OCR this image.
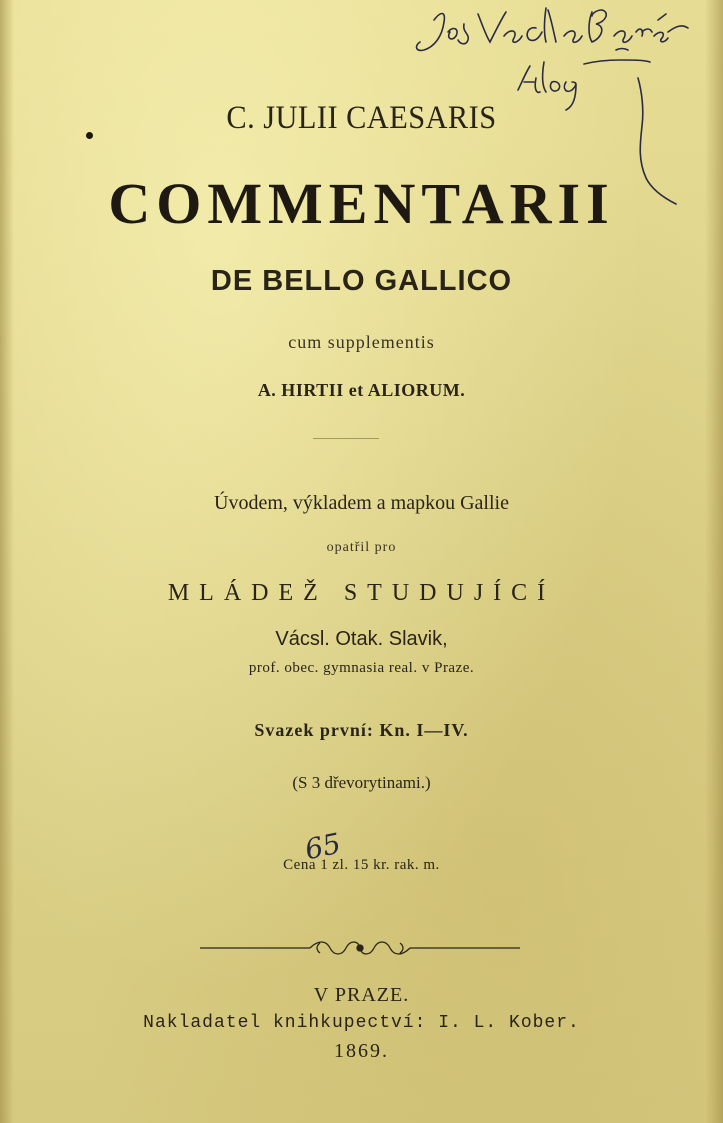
C. JULII CAESARIS
COMMENTARII
DE BELLO GALLICO
cum supplementis
A. HIRTII et ALIORUM.
Úvodem, výkladem a mapkou Gallie
opatřil pro
MLÁDEŽ STUDUJÍCÍ
Vácsl. Otak. Slavik,
prof. obec. gymnasia real. v Praze.
Svazek první: Kn. I—IV.
(S 3 dřevorytinami.)
Cena 1 zl. 15 kr. rak. m.
65
V PRAZE.
Nakladatel knihkupectví: I. L. Kober.
1869.
